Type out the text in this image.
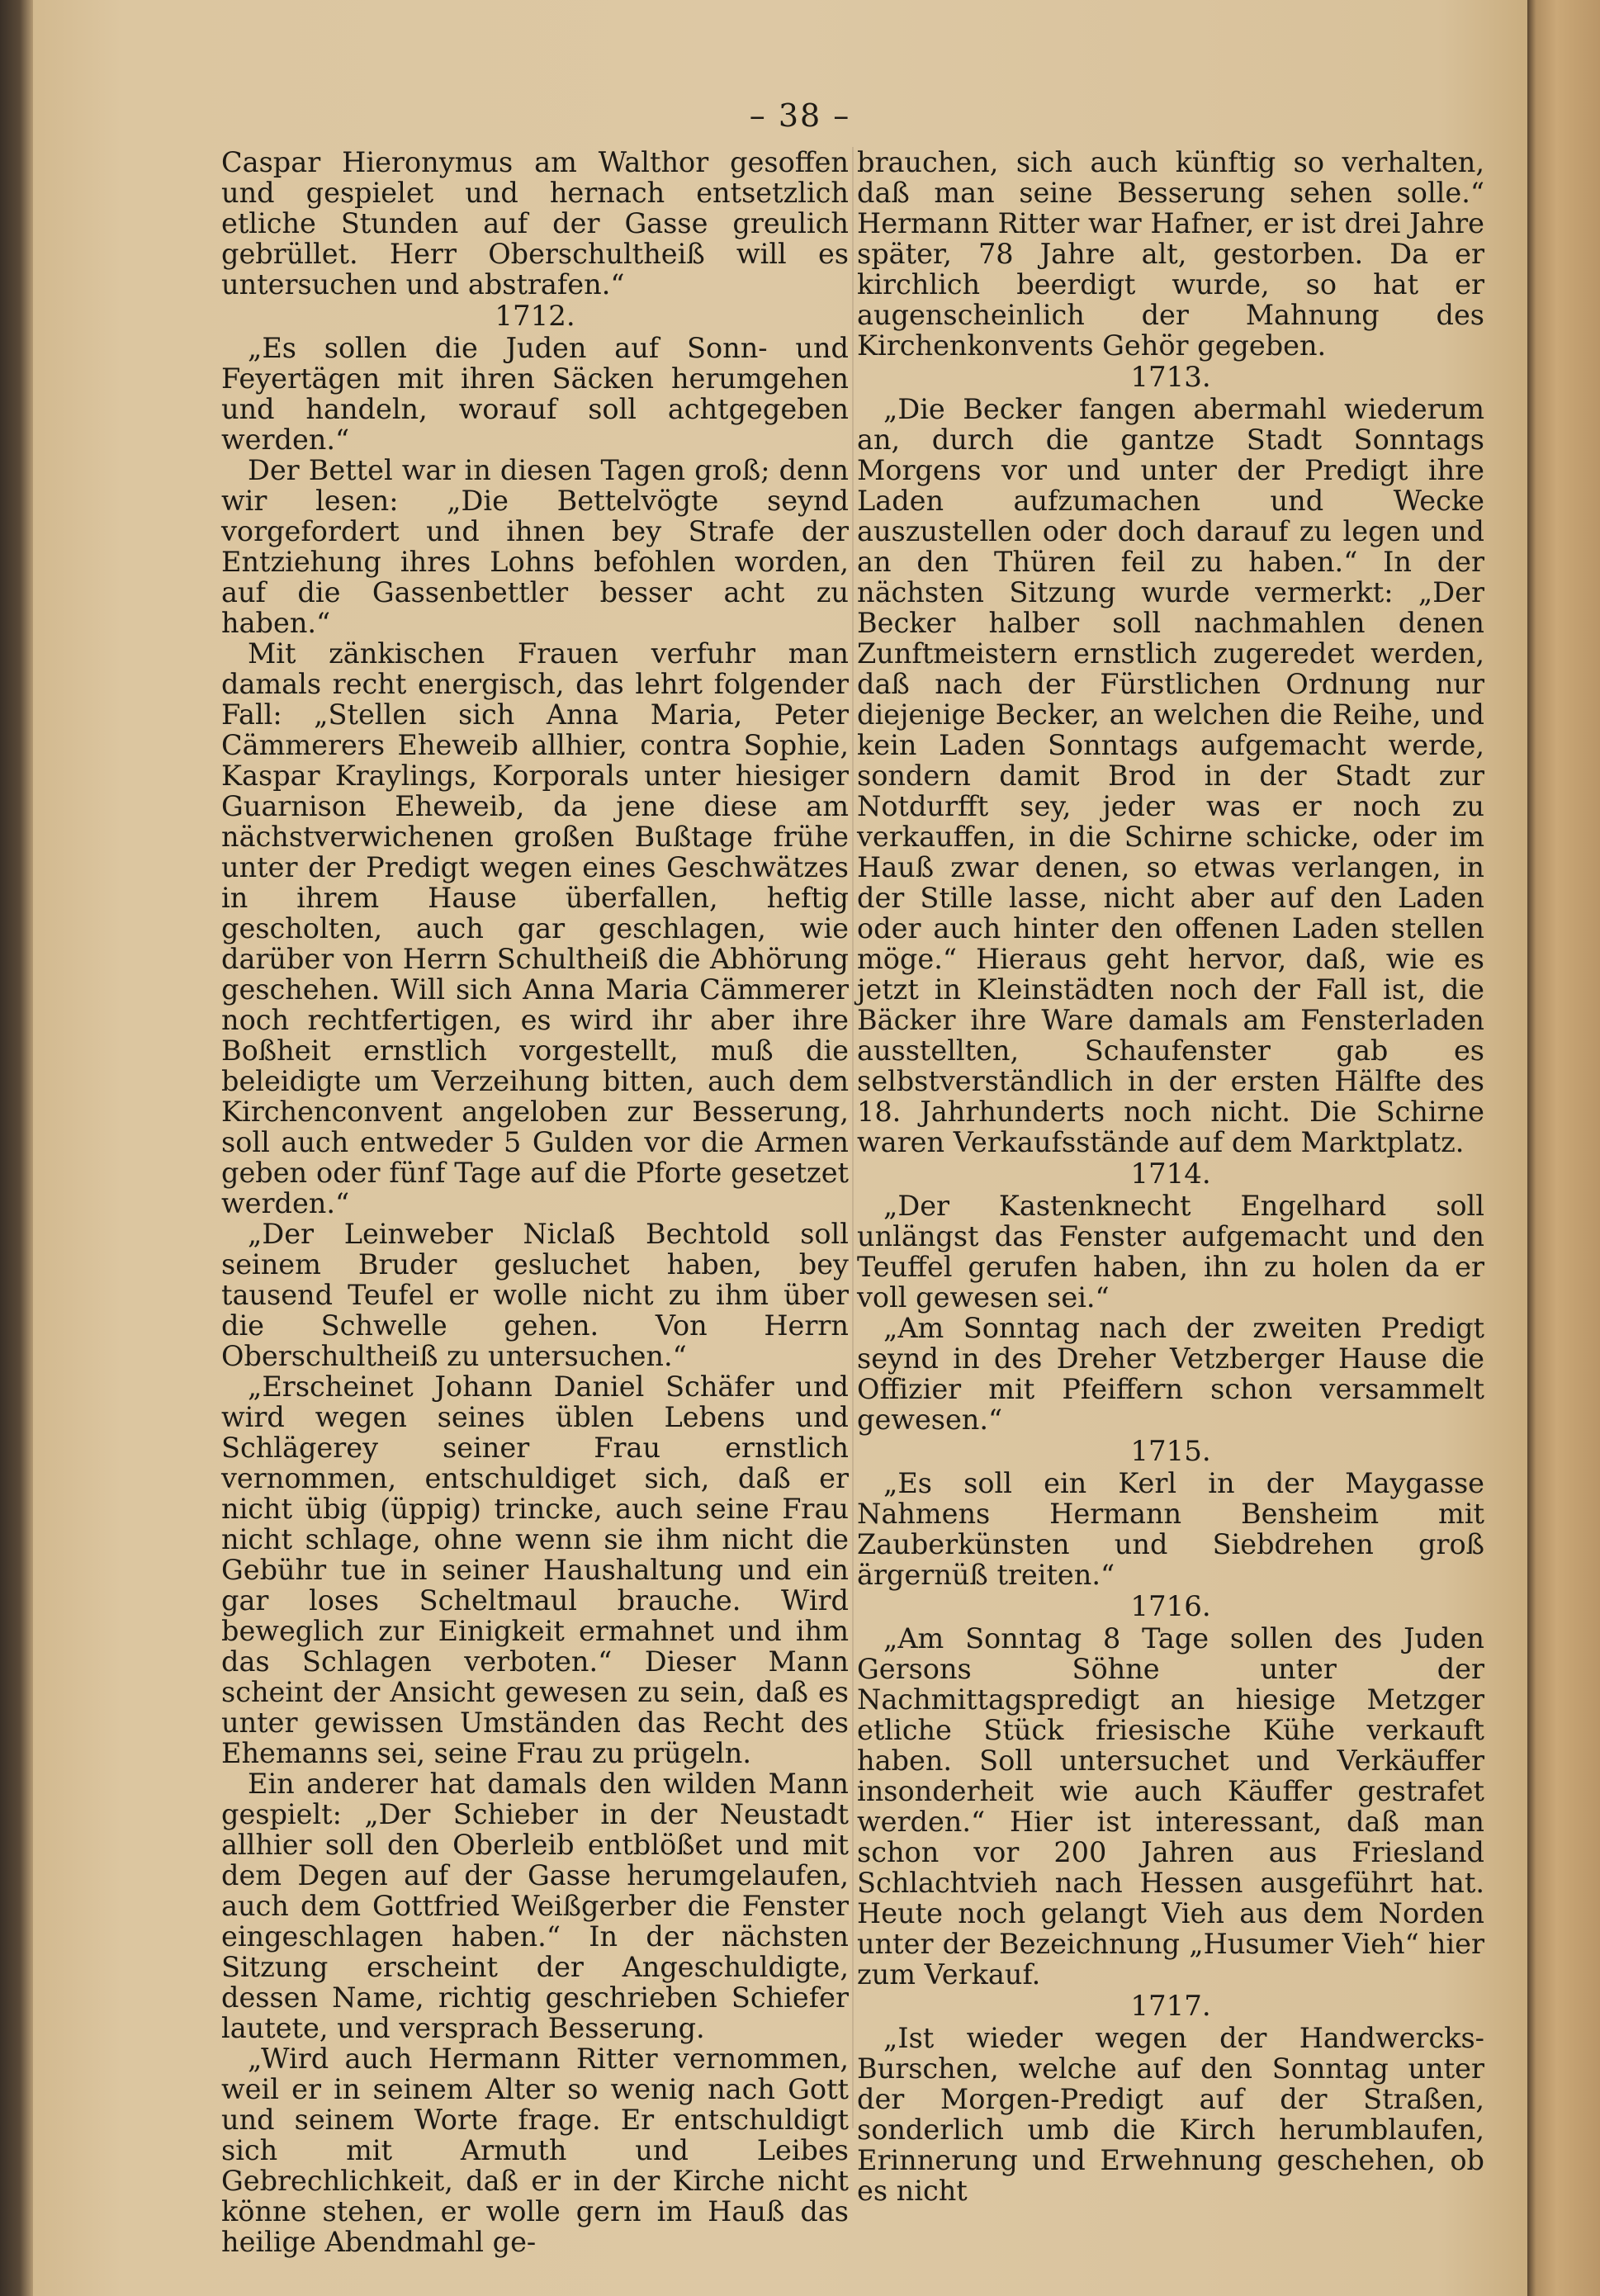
– 38 –

Caspar Hieronymus am Walthor gesoffen und gespielet und hernach entsetzlich etliche Stunden auf der Gasse greulich gebrüllet. Herr Oberschultheiß will es untersuchen und abstrafen.“

1712.

„Es sollen die Juden auf Sonn- und Feyertägen mit ihren Säcken herumgehen und handeln, worauf soll achtgegeben werden.“

Der Bettel war in diesen Tagen groß; denn wir lesen: „Die Bettelvögte seynd vorgefordert und ihnen bey Strafe der Entziehung ihres Lohns befohlen worden, auf die Gassenbettler besser acht zu haben.“

Mit zänkischen Frauen verfuhr man damals recht energisch, das lehrt folgender Fall: „Stellen sich Anna Maria, Peter Cämmerers Eheweib allhier, contra Sophie, Kaspar Kraylings, Korporals unter hiesiger Guarnison Eheweib, da jene diese am nächstverwichenen großen Bußtage frühe unter der Predigt wegen eines Geschwätzes in ihrem Hause überfallen, heftig gescholten, auch gar geschlagen, wie darüber von Herrn Schultheiß die Abhörung geschehen. Will sich Anna Maria Cämmerer noch rechtfertigen, es wird ihr aber ihre Boßheit ernstlich vorgestellt, muß die beleidigte um Verzeihung bitten, auch dem Kirchenconvent angeloben zur Besserung, soll auch entweder 5 Gulden vor die Armen geben oder fünf Tage auf die Pforte gesetzet werden.“

„Der Leinweber Niclaß Bechtold soll seinem Bruder gesluchet haben, bey tausend Teufel er wolle nicht zu ihm über die Schwelle gehen. Von Herrn Oberschultheiß zu untersuchen.“

„Erscheinet Johann Daniel Schäfer und wird wegen seines üblen Lebens und Schlägerey seiner Frau ernstlich vernommen, entschuldiget sich, daß er nicht übig (üppig) trincke, auch seine Frau nicht schlage, ohne wenn sie ihm nicht die Gebühr tue in seiner Haushaltung und ein gar loses Scheltmaul brauche. Wird beweglich zur Einigkeit ermahnet und ihm das Schlagen verboten.“ Dieser Mann scheint der Ansicht gewesen zu sein, daß es unter gewissen Umständen das Recht des Ehemanns sei, seine Frau zu prügeln.

Ein anderer hat damals den wilden Mann gespielt: „Der Schieber in der Neustadt allhier soll den Oberleib entblößet und mit dem Degen auf der Gasse herumgelaufen, auch dem Gottfried Weißgerber die Fenster eingeschlagen haben.“ In der nächsten Sitzung erscheint der Angeschuldigte, dessen Name, richtig geschrieben Schiefer lautete, und versprach Besserung.

„Wird auch Hermann Ritter vernommen, weil er in seinem Alter so wenig nach Gott und seinem Worte frage. Er entschuldigt sich mit Armuth und Leibes Gebrechlichkeit, daß er in der Kirche nicht könne stehen, er wolle gern im Hauß das heilige Abendmahl ge-

brauchen, sich auch künftig so verhalten, daß man seine Besserung sehen solle.“ Hermann Ritter war Hafner, er ist drei Jahre später, 78 Jahre alt, gestorben. Da er kirchlich beerdigt wurde, so hat er augenscheinlich der Mahnung des Kirchenkonvents Gehör gegeben.

1713.

„Die Becker fangen abermahl wiederum an, durch die gantze Stadt Sonntags Morgens vor und unter der Predigt ihre Laden aufzumachen und Wecke auszustellen oder doch darauf zu legen und an den Thüren feil zu haben.“ In der nächsten Sitzung wurde vermerkt: „Der Becker halber soll nachmahlen denen Zunftmeistern ernstlich zugeredet werden, daß nach der Fürstlichen Ordnung nur diejenige Becker, an welchen die Reihe, und kein Laden Sonntags aufgemacht werde, sondern damit Brod in der Stadt zur Notdurfft sey, jeder was er noch zu verkauffen, in die Schirne schicke, oder im Hauß zwar denen, so etwas verlangen, in der Stille lasse, nicht aber auf den Laden oder auch hinter den offenen Laden stellen möge.“ Hieraus geht hervor, daß, wie es jetzt in Kleinstädten noch der Fall ist, die Bäcker ihre Ware damals am Fensterladen ausstellten, Schaufenster gab es selbstverständlich in der ersten Hälfte des 18. Jahrhunderts noch nicht. Die Schirne waren Verkaufsstände auf dem Marktplatz.

1714.

„Der Kastenknecht Engelhard soll unlängst das Fenster aufgemacht und den Teuffel gerufen haben, ihn zu holen da er voll gewesen sei.“

„Am Sonntag nach der zweiten Predigt seynd in des Dreher Vetzberger Hause die Offizier mit Pfeiffern schon versammelt gewesen.“

1715.

„Es soll ein Kerl in der Maygasse Nahmens Hermann Bensheim mit Zauberkünsten und Siebdrehen groß ärgernüß treiten.“

1716.

„Am Sonntag 8 Tage sollen des Juden Gersons Söhne unter der Nachmittagspredigt an hiesige Metzger etliche Stück friesische Kühe verkauft haben. Soll untersuchet und Verkäuffer insonderheit wie auch Käuffer gestrafet werden.“ Hier ist interessant, daß man schon vor 200 Jahren aus Friesland Schlachtvieh nach Hessen ausgeführt hat. Heute noch gelangt Vieh aus dem Norden unter der Bezeichnung „Husumer Vieh“ hier zum Verkauf.

1717.

„Ist wieder wegen der Handwercks-Burschen, welche auf den Sonntag unter der Morgen-Predigt auf der Straßen, sonderlich umb die Kirch herumblaufen, Erinnerung und Erwehnung geschehen, ob es nicht
